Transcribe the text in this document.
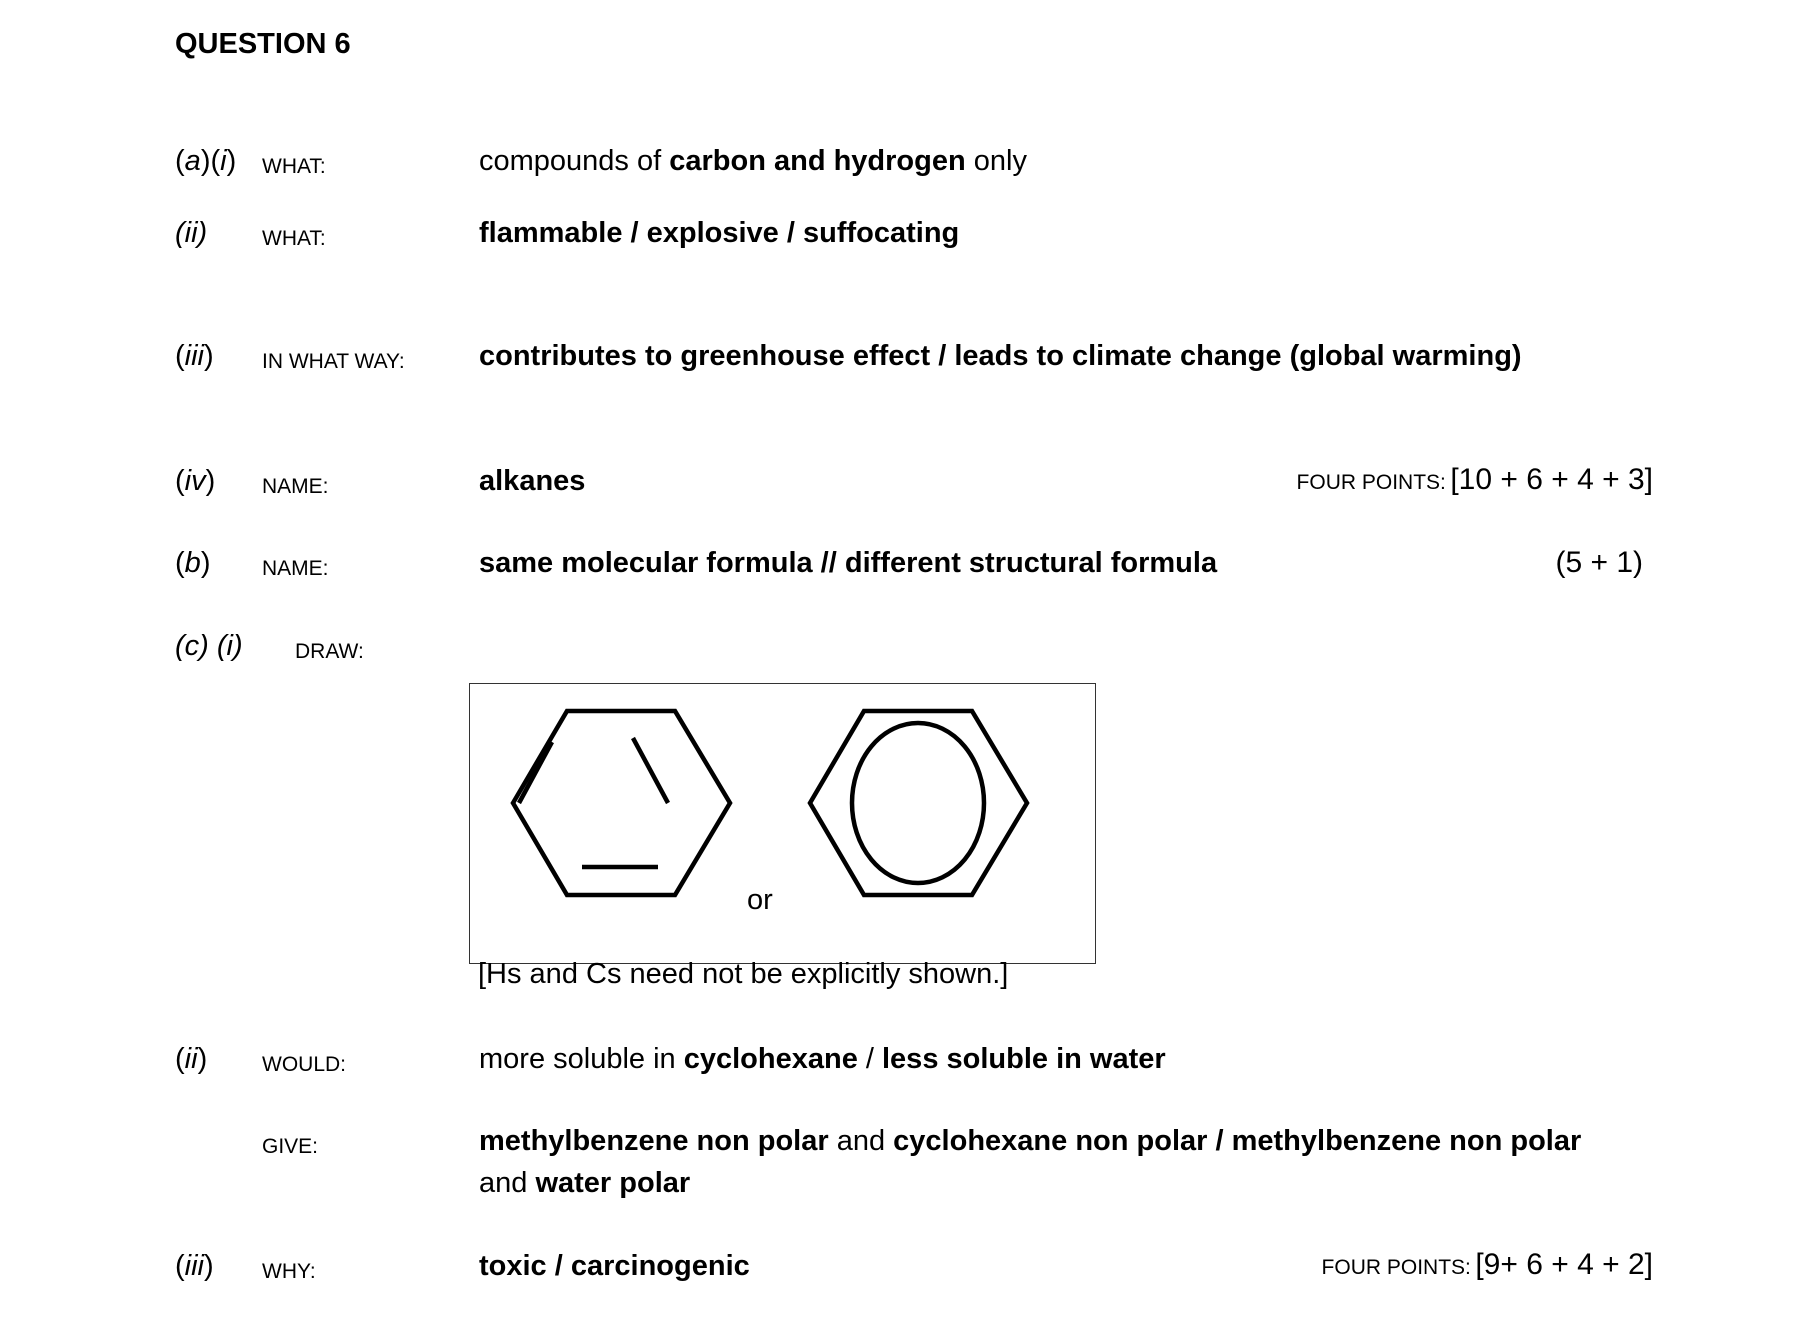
QUESTION 6
(a)(i) WHAT:	compounds of carbon and hydrogen only
(ii)	WHAT:	flammable / explosive / suffocating
(iii) IN WHAT WAY:	contributes to greenhouse effect / leads to climate change (global warming)
(iv) NAME:	alkanes	FOUR POINTS: [10 + 6 + 4 + 3]
(b) NAME:	same molecular formula // different structural formula	(5 + 1)
(c) (i) DRAW:
or
[Hs and Cs need not be explicitly shown.]
(ii)	WOULD:	more soluble in cyclohexane / less soluble in water
GIVE:	methylbenzene non polar and cyclohexane non polar / methylbenzene non polar
and water polar
(iii) WHY:	toxic / carcinogenic	FOUR POINTS: [9+ 6 + 4 + 2]
